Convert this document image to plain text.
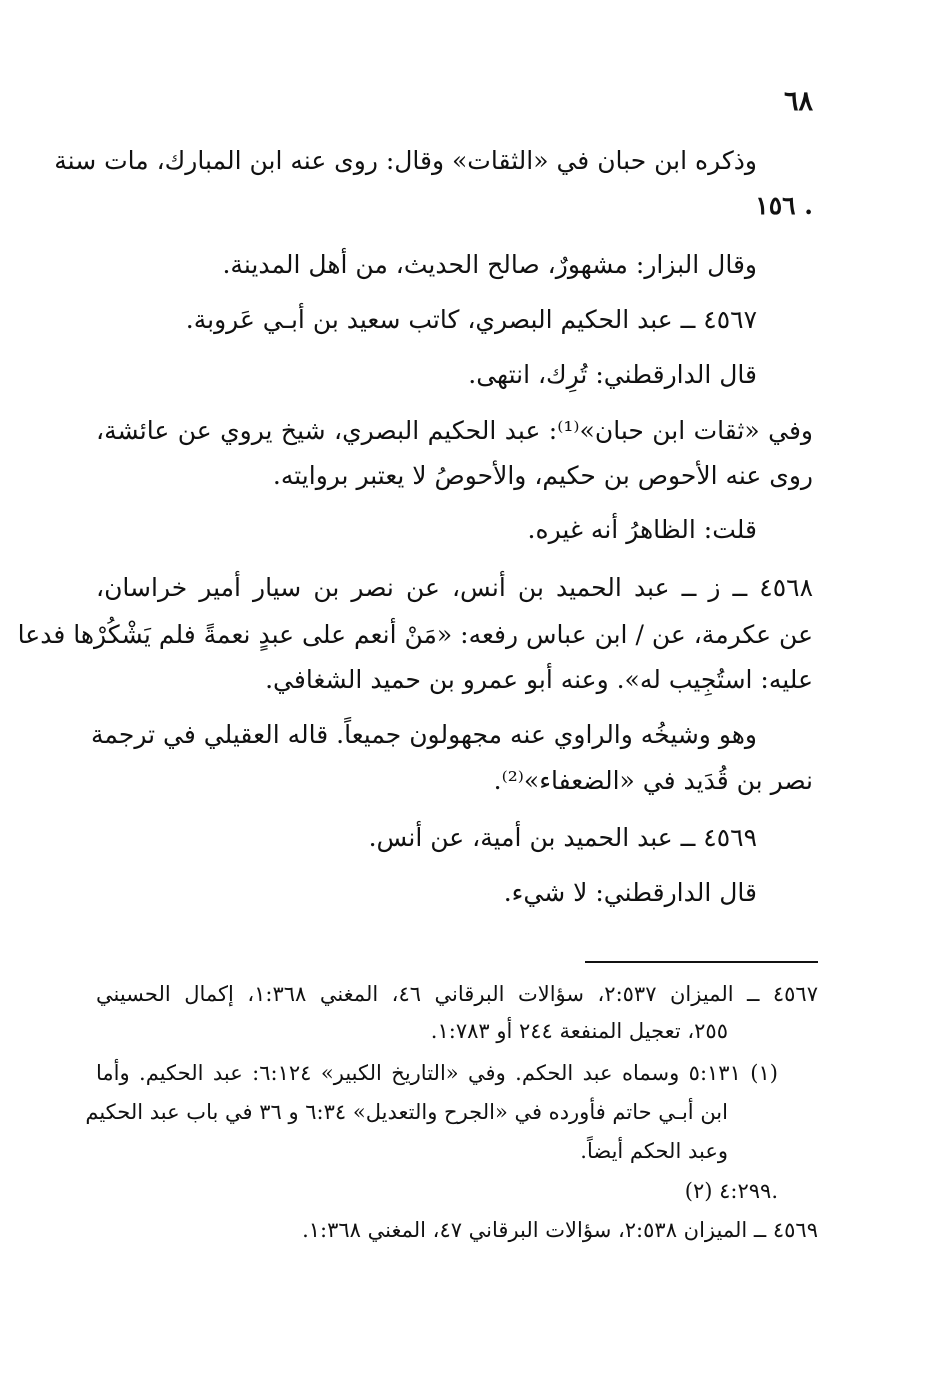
٦٨
وذكره ابن حبان في «الثقات» وقال: روى عنه ابن المبارك، مات سنة
١٥٦ .
وقال البزار: مشهورٌ، صالح الحديث، من أهل المدينة.
٤٥٦٧ ــ عبد الحكيم البصري، كاتب سعيد بن أبـي عَروبة.
قال الدارقطني: تُرِك، انتهى.
وفي «ثقات ابن حبان»⁽¹⁾: عبد الحكيم البصري، شيخ يروي عن عائشة،
روى عنه الأحوص بن حكيم، والأحوصُ لا يعتبر بروايته.
قلت: الظاهرُ أنه غيره.
٤٥٦٨ ــ ز ــ عبد الحميد بن أنس، عن نصر بن سيار أمير خراسان،
عن عكرمة، عن / ابن عباس رفعه: «مَنْ أنعم على عبدٍ نعمةً فلم يَشْكُرْها فدعا
عليه: استُجِيب له». وعنه أبو عمرو بن حميد الشغافي.
وهو وشيخُه والراوي عنه مجهولون جميعاً. قاله العقيلي في ترجمة
نصر بن قُدَيد في «الضعفاء»⁽²⁾.
٤٥٦٩ ــ عبد الحميد بن أمية، عن أنس.
قال الدارقطني: لا شيء.
٤٥٦٧ ــ الميزان ٢:٥٣٧، سؤالات البرقاني ٤٦، المغني ١:٣٦٨، إكمال الحسيني
٢٥٥، تعجيل المنفعة ٢٤٤ أو ١:٧٨٣.
(١) ٥:١٣١ وسماه عبد الحكم. وفي «التاريخ الكبير» ٦:١٢٤: عبد الحكيم. وأما
ابن أبـي حاتم فأورده في «الجرح والتعديل» ٦:٣٤ و ٣٦ في باب عبد الحكيم
وعبد الحكم أيضاً.
(٢) ٤:٢٩٩.
٤٥٦٩ ــ الميزان ٢:٥٣٨، سؤالات البرقاني ٤٧، المغني ١:٣٦٨.
